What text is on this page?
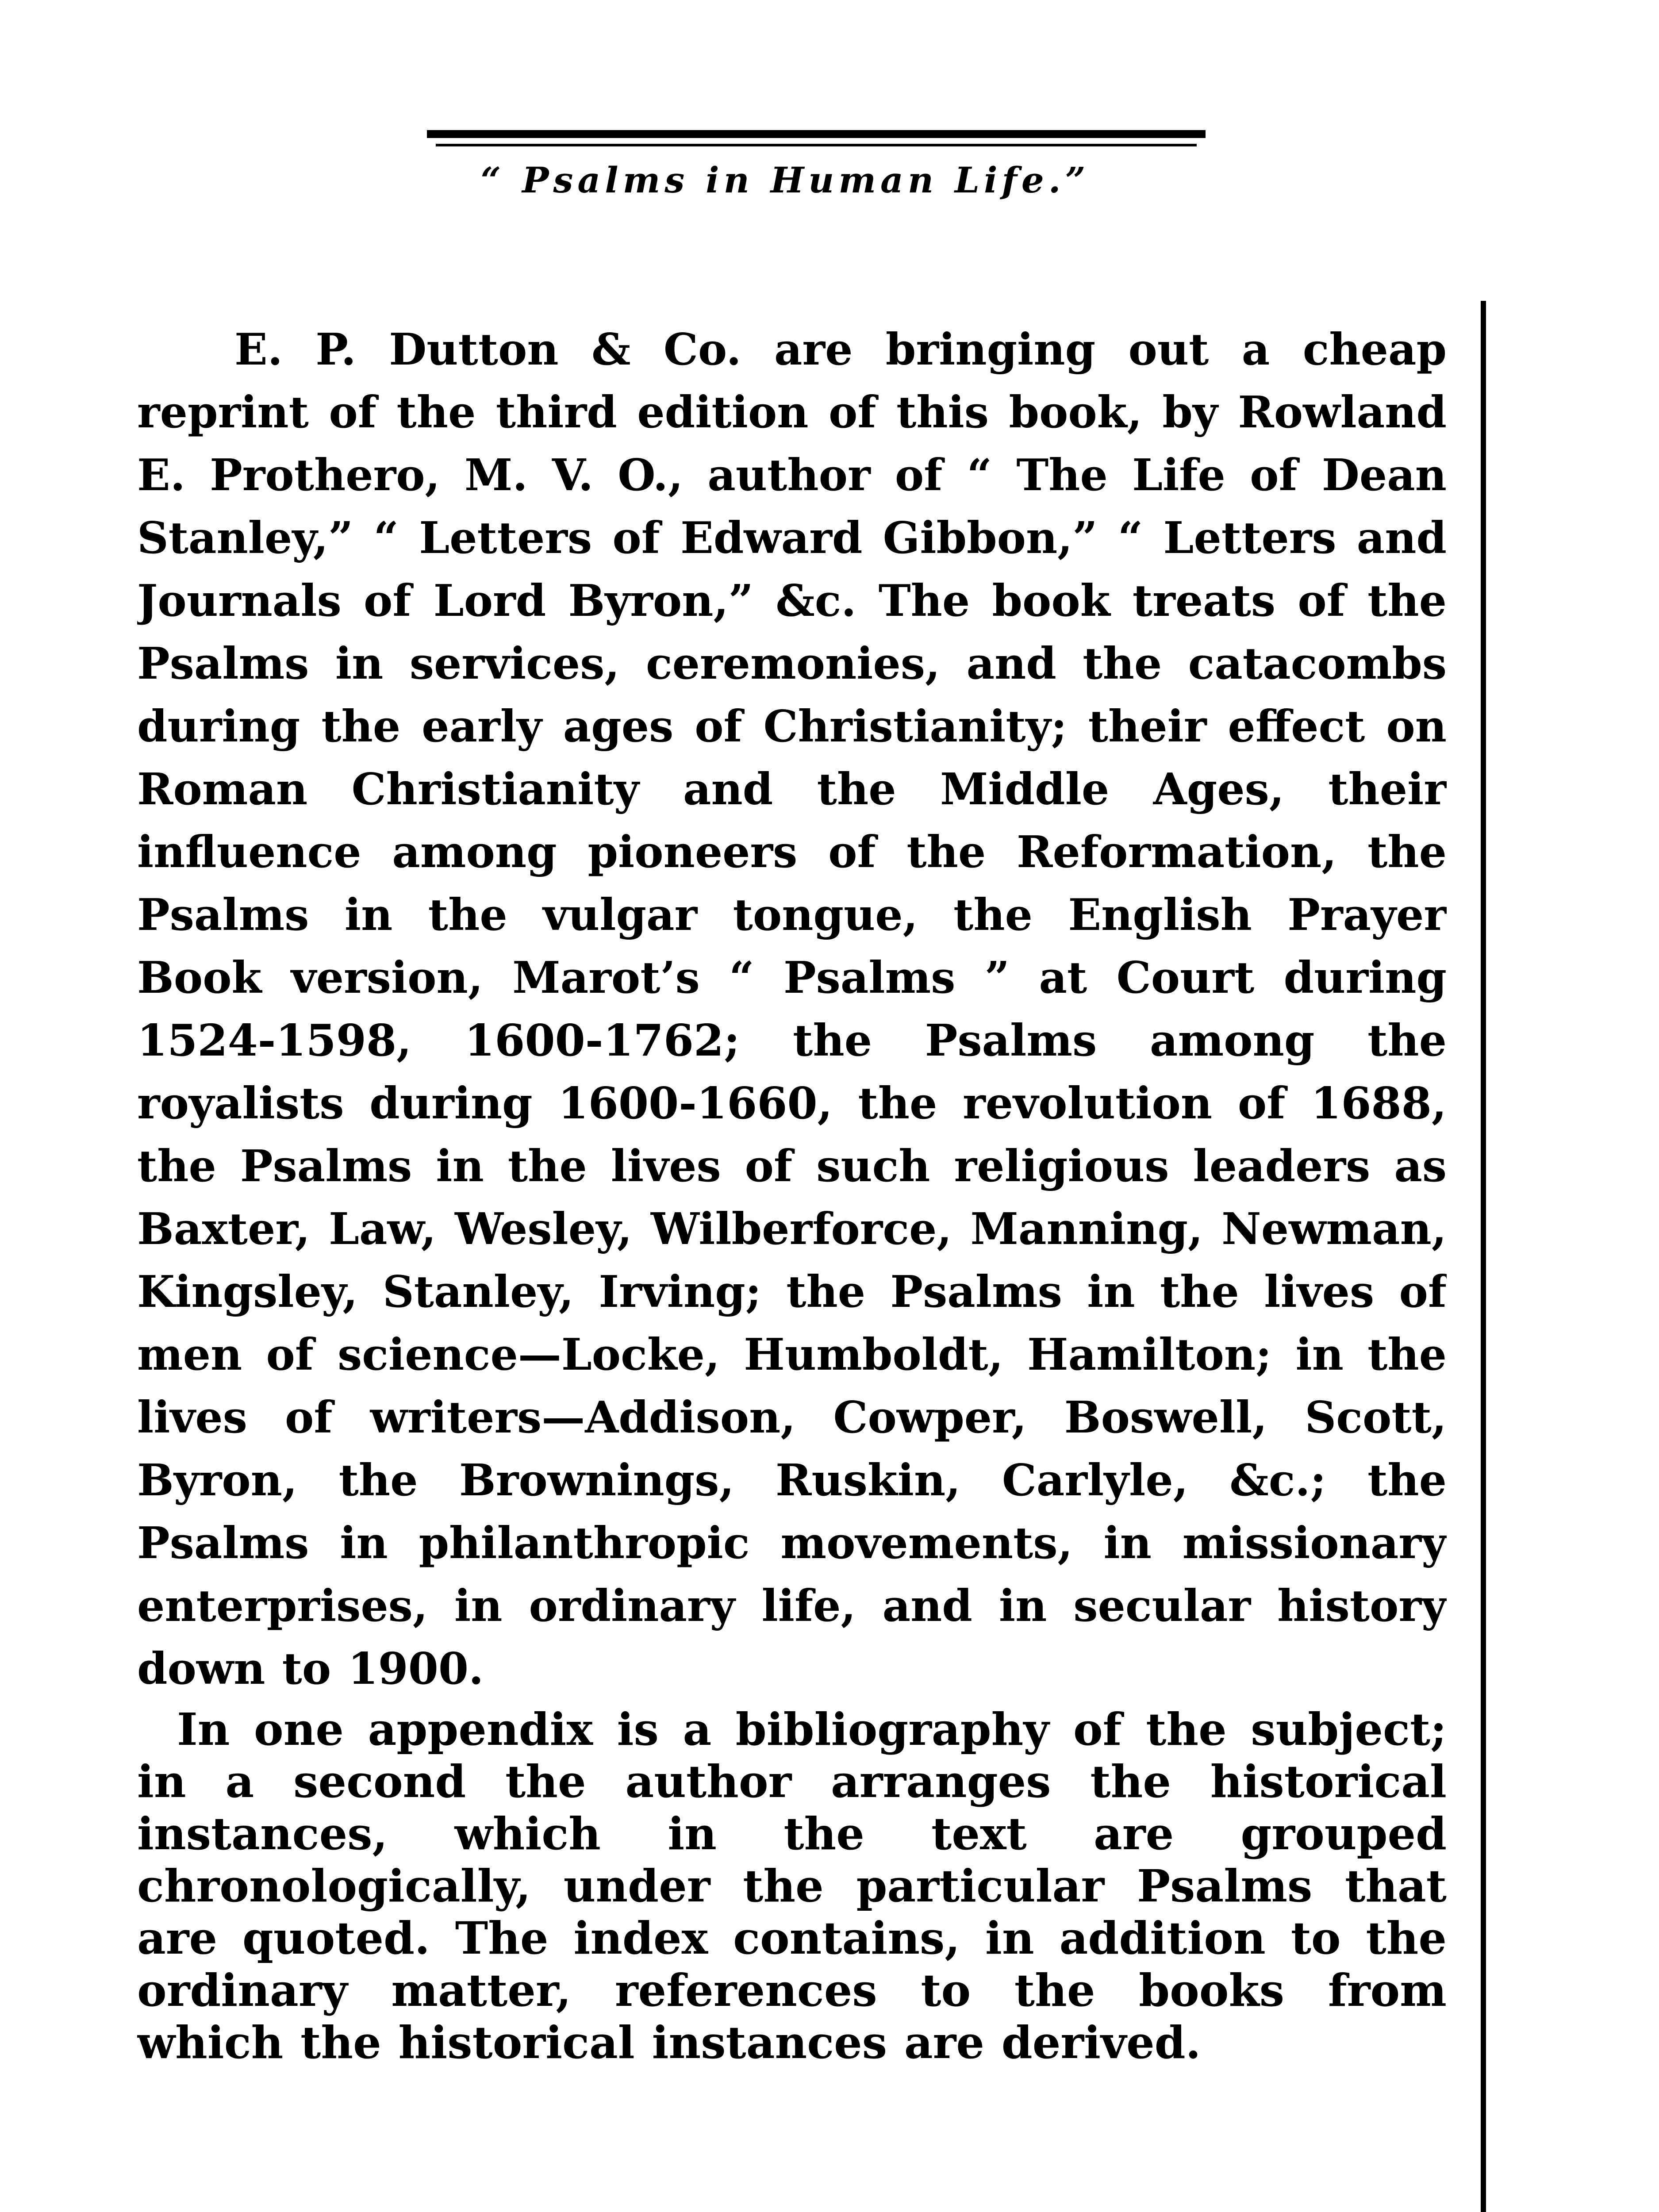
“ Psalms in Human Life.”

E. P. Dutton & Co. are bringing out a cheap reprint of the third edition of this book, by Rowland E. Prothero, M. V. O., author of “ The Life of Dean Stanley,” “ Letters of Edward Gibbon,” “ Letters and Journals of Lord Byron,” &c. The book treats of the Psalms in services, ceremonies, and the catacombs during the early ages of Christianity; their effect on Roman Christianity and the Middle Ages, their influence among pioneers of the Reformation, the Psalms in the vulgar tongue, the English Prayer Book version, Marot’s “ Psalms ” at Court during 1524-1598, 1600-1762; the Psalms among the royalists during 1600-1660, the revolution of 1688, the Psalms in the lives of such religious leaders as Baxter, Law, Wesley, Wilberforce, Manning, Newman, Kingsley, Stanley, Irving; the Psalms in the lives of men of science—Locke, Humboldt, Hamilton; in the lives of writers—Addison, Cowper, Boswell, Scott, Byron, the Brownings, Ruskin, Carlyle, &c.; the Psalms in philanthropic movements, in missionary enterprises, in ordinary life, and in secular history down to 1900.

In one appendix is a bibliography of the subject; in a second the author arranges the historical instances, which in the text are grouped chronologically, under the particular Psalms that are quoted. The index contains, in addition to the ordinary matter, references to the books from which the historical instances are derived.
